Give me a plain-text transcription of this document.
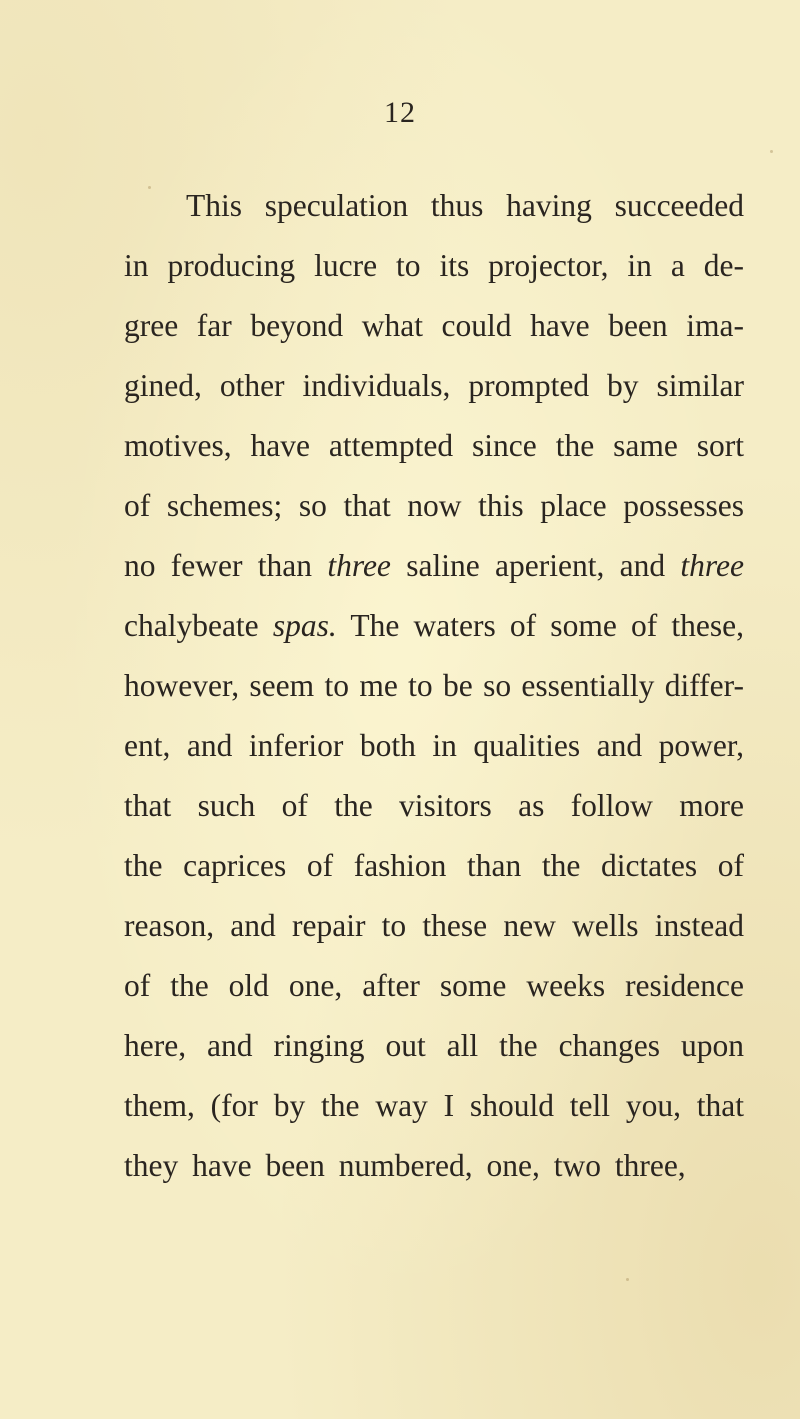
12
This speculation thus having succeeded
in producing lucre to its projector, in a de-
gree far beyond what could have been ima-
gined, other individuals, prompted by similar
motives, have attempted since the same sort
of schemes; so that now this place possesses
no fewer than three saline aperient, and three
chalybeate spas. The waters of some of these,
however, seem to me to be so essentially differ-
ent, and inferior both in qualities and power,
that such of the visitors as follow more
the caprices of fashion than the dictates of
reason, and repair to these new wells instead
of the old one, after some weeks residence
here, and ringing out all the changes upon
them, (for by the way I should tell you, that
they have been numbered, one, two three,
